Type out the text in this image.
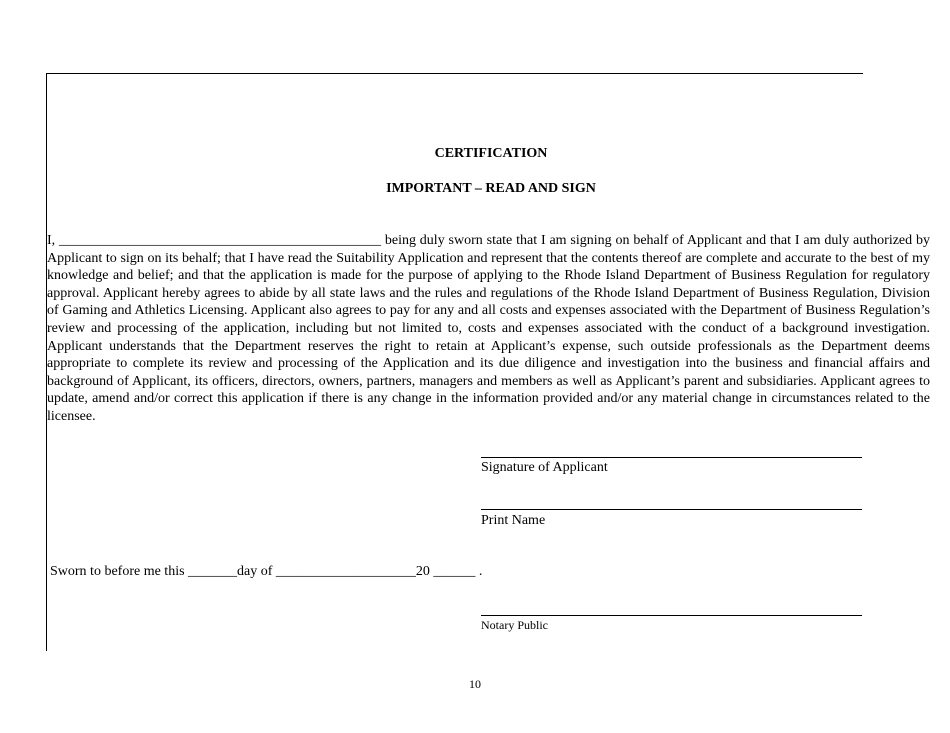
CERTIFICATION
IMPORTANT – READ AND SIGN

I, ______________________________________________ being duly sworn state that I am signing on behalf of Applicant and that I am duly authorized by Applicant to sign on its behalf; that I have read the Suitability Application and represent that the contents thereof are complete and accurate to the best of my knowledge and belief; and that the application is made for the purpose of applying to the Rhode Island Department of Business Regulation for regulatory approval. Applicant hereby agrees to abide by all state laws and the rules and regulations of the Rhode Island Department of Business Regulation, Division of Gaming and Athletics Licensing. Applicant also agrees to pay for any and all costs and expenses associated with the Department of Business Regulation’s review and processing of the application, including but not limited to, costs and expenses associated with the conduct of a background investigation. Applicant understands that the Department reserves the right to retain at Applicant’s expense, such outside professionals as the Department deems appropriate to complete its review and processing of the Application and its due diligence and investigation into the business and financial affairs and background of Applicant, its officers, directors, owners, partners, managers and members as well as Applicant’s parent and subsidiaries. Applicant agrees to update, amend and/or correct this application if there is any change in the information provided and/or any material change in circumstances related to the licensee.

Signature of Applicant
Print Name
Sworn to before me this _______day of ____________________20 ______ .
Notary Public
10
